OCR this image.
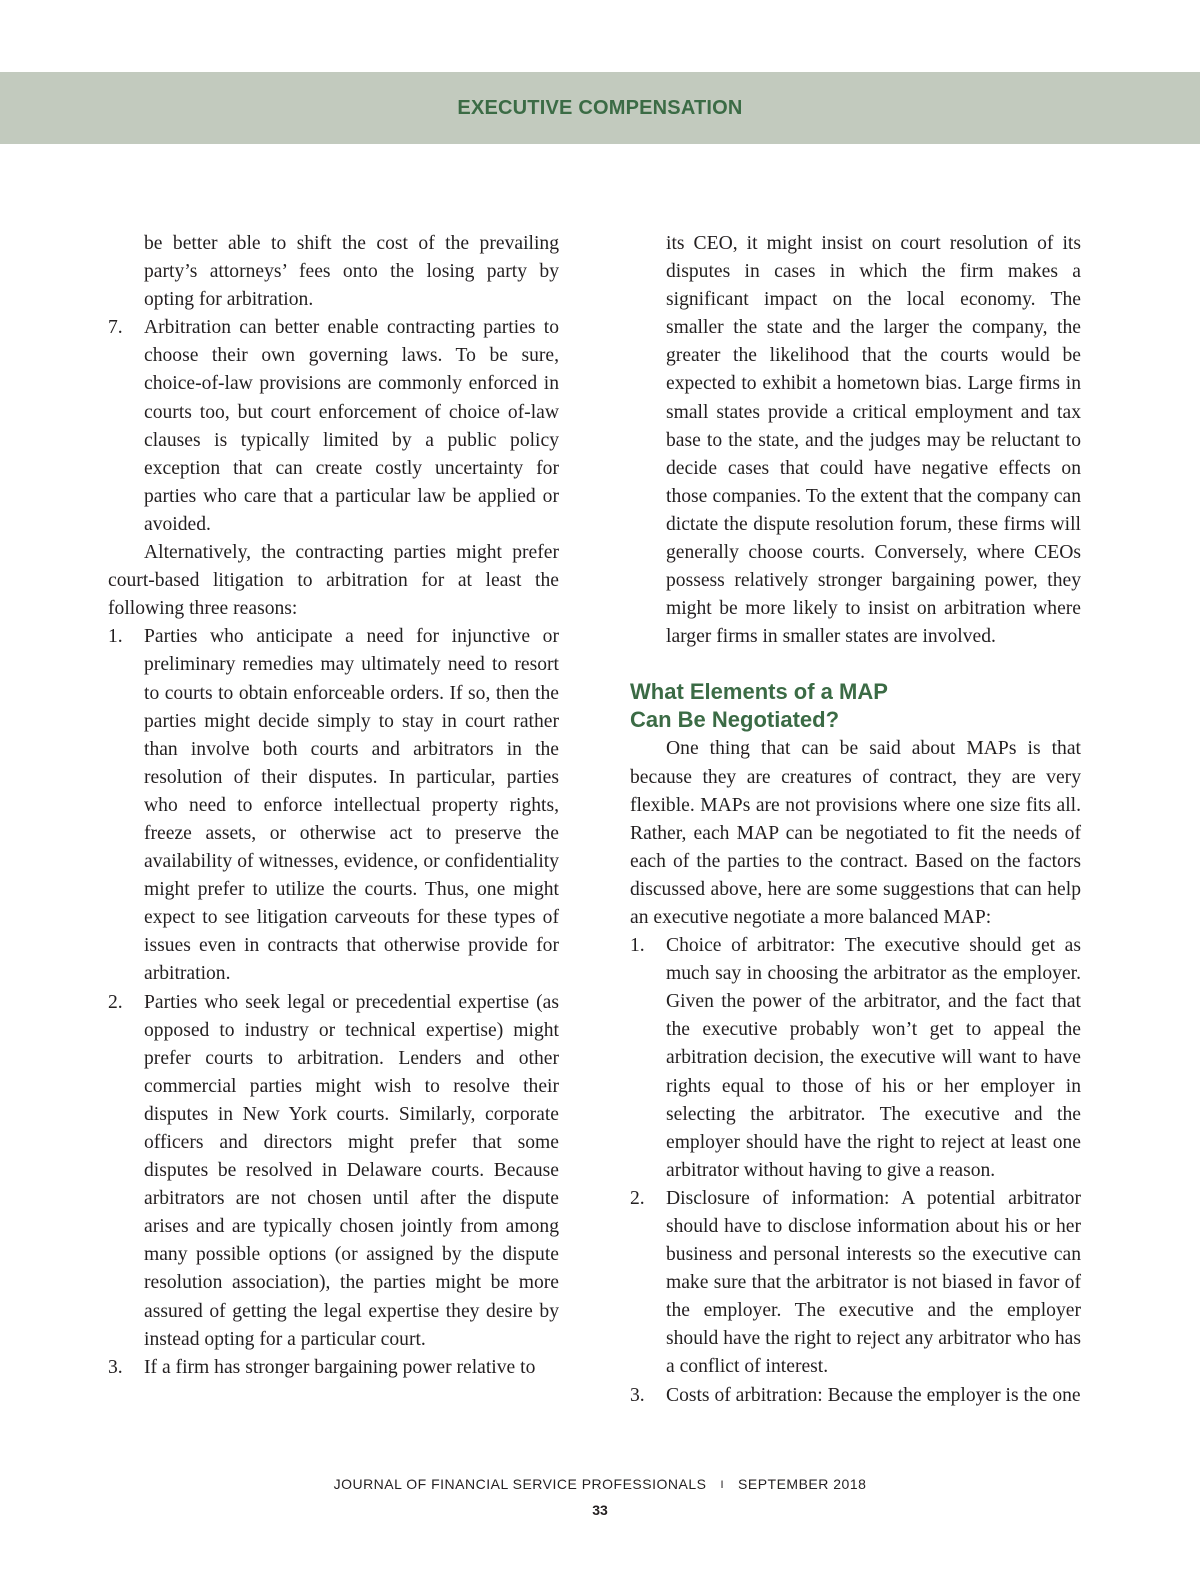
EXECUTIVE COMPENSATION

be better able to shift the cost of the prevailing party’s attorneys’ fees onto the losing party by opting for arbitration.

7. Arbitration can better enable contracting parties to choose their own governing laws. To be sure, choice-of-law provisions are commonly enforced in courts too, but court enforcement of choice of-law clauses is typically limited by a public policy exception that can create costly uncertainty for parties who care that a particular law be applied or avoided.

Alternatively, the contracting parties might prefer court-based litigation to arbitration for at least the following three reasons:

1. Parties who anticipate a need for injunctive or preliminary remedies may ultimately need to resort to courts to obtain enforceable orders. If so, then the parties might decide simply to stay in court rather than involve both courts and arbitrators in the resolution of their disputes. In particular, parties who need to enforce intellectual property rights, freeze assets, or otherwise act to preserve the availability of witnesses, evidence, or confidentiality might prefer to utilize the courts. Thus, one might expect to see litigation carveouts for these types of issues even in contracts that otherwise provide for arbitration.

2. Parties who seek legal or precedential expertise (as opposed to industry or technical expertise) might prefer courts to arbitration. Lenders and other commercial parties might wish to resolve their disputes in New York courts. Similarly, corporate officers and directors might prefer that some disputes be resolved in Delaware courts. Because arbitrators are not chosen until after the dispute arises and are typically chosen jointly from among many possible options (or assigned by the dispute resolution association), the parties might be more assured of getting the legal expertise they desire by instead opting for a particular court.

3. If a firm has stronger bargaining power relative to

its CEO, it might insist on court resolution of its disputes in cases in which the firm makes a significant impact on the local economy. The smaller the state and the larger the company, the greater the likelihood that the courts would be expected to exhibit a hometown bias. Large firms in small states provide a critical employment and tax base to the state, and the judges may be reluctant to decide cases that could have negative effects on those companies. To the extent that the company can dictate the dispute resolution forum, these firms will generally choose courts. Conversely, where CEOs possess relatively stronger bargaining power, they might be more likely to insist on arbitration where larger firms in smaller states are involved.

What Elements of a MAP
Can Be Negotiated?

One thing that can be said about MAPs is that because they are creatures of contract, they are very flexible. MAPs are not provisions where one size fits all. Rather, each MAP can be negotiated to fit the needs of each of the parties to the contract. Based on the factors discussed above, here are some suggestions that can help an executive negotiate a more balanced MAP:

1. Choice of arbitrator: The executive should get as much say in choosing the arbitrator as the employer. Given the power of the arbitrator, and the fact that the executive probably won’t get to appeal the arbitration decision, the executive will want to have rights equal to those of his or her employer in selecting the arbitrator. The executive and the employer should have the right to reject at least one arbitrator without having to give a reason.

2. Disclosure of information: A potential arbitrator should have to disclose information about his or her business and personal interests so the executive can make sure that the arbitrator is not biased in favor of the employer. The executive and the employer should have the right to reject any arbitrator who has a conflict of interest.

3. Costs of arbitration: Because the employer is the one

JOURNAL OF FINANCIAL SERVICE PROFESSIONALS I SEPTEMBER 2018
33
